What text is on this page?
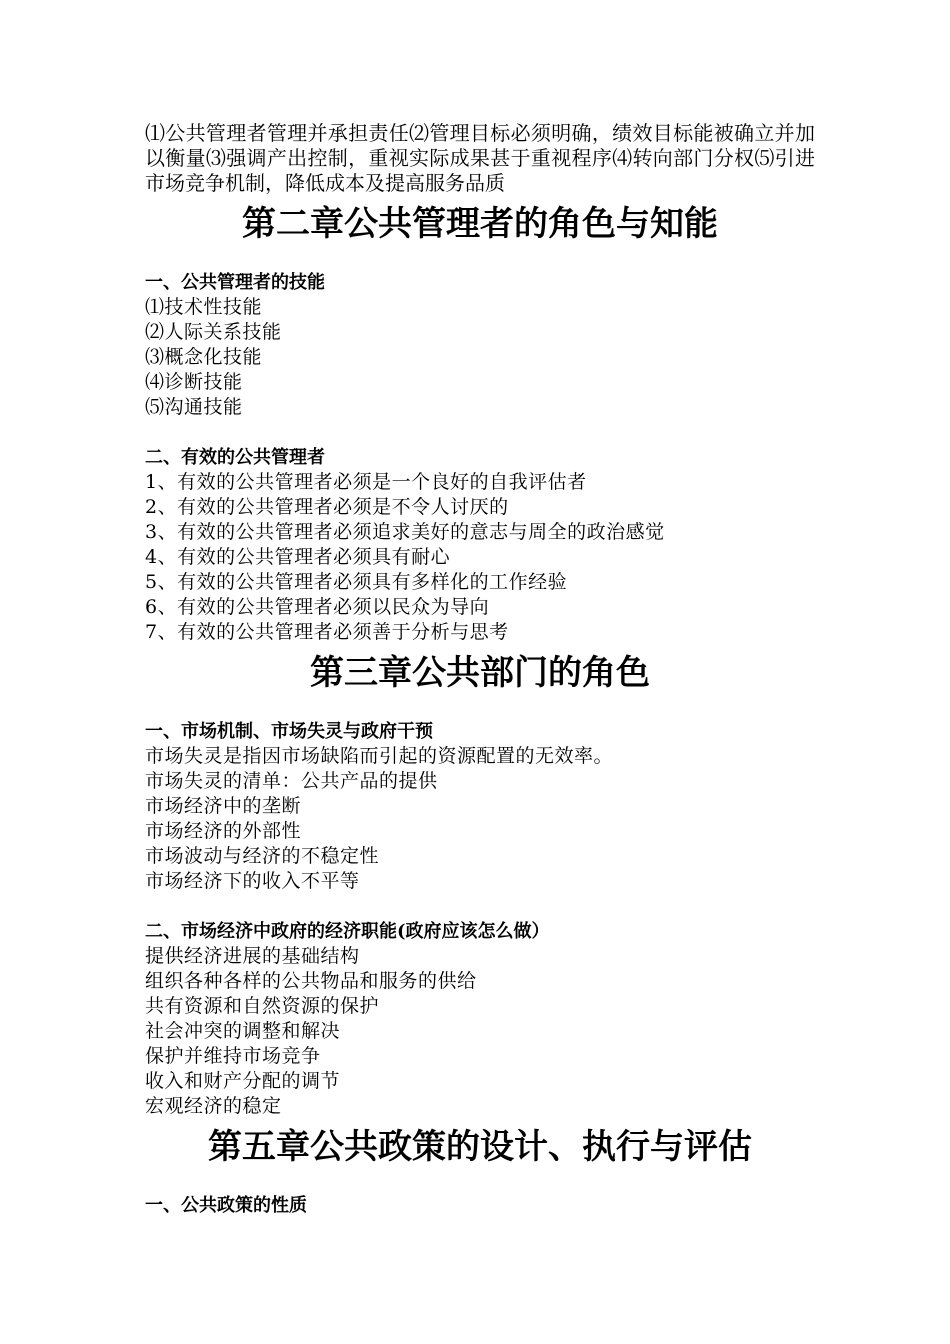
⑴公共管理者管理并承担责任⑵管理目标必须明确，绩效目标能被确立并加以衡量⑶强调产出控制，重视实际成果甚于重视程序⑷转向部门分权⑸引进市场竞争机制，降低成本及提高服务品质

第二章公共管理者的角色与知能

一、公共管理者的技能

⑴技术性技能

⑵人际关系技能

⑶概念化技能

⑷诊断技能

⑸沟通技能

二、有效的公共管理者

1、有效的公共管理者必须是一个良好的自我评估者

2、有效的公共管理者必须是不令人讨厌的

3、有效的公共管理者必须追求美好的意志与周全的政治感觉

4、有效的公共管理者必须具有耐心

5、有效的公共管理者必须具有多样化的工作经验

6、有效的公共管理者必须以民众为导向

7、有效的公共管理者必须善于分析与思考

第三章公共部门的角色

一、市场机制、市场失灵与政府干预

市场失灵是指因市场缺陷而引起的资源配置的无效率。

市场失灵的清单：公共产品的提供

市场经济中的垄断

市场经济的外部性

市场波动与经济的不稳定性

市场经济下的收入不平等

二、市场经济中政府的经济职能(政府应该怎么做）

提供经济进展的基础结构

组织各种各样的公共物品和服务的供给

共有资源和自然资源的保护

社会冲突的调整和解决

保护并维持市场竞争

收入和财产分配的调节

宏观经济的稳定

第五章公共政策的设计、执行与评估

一、公共政策的性质
